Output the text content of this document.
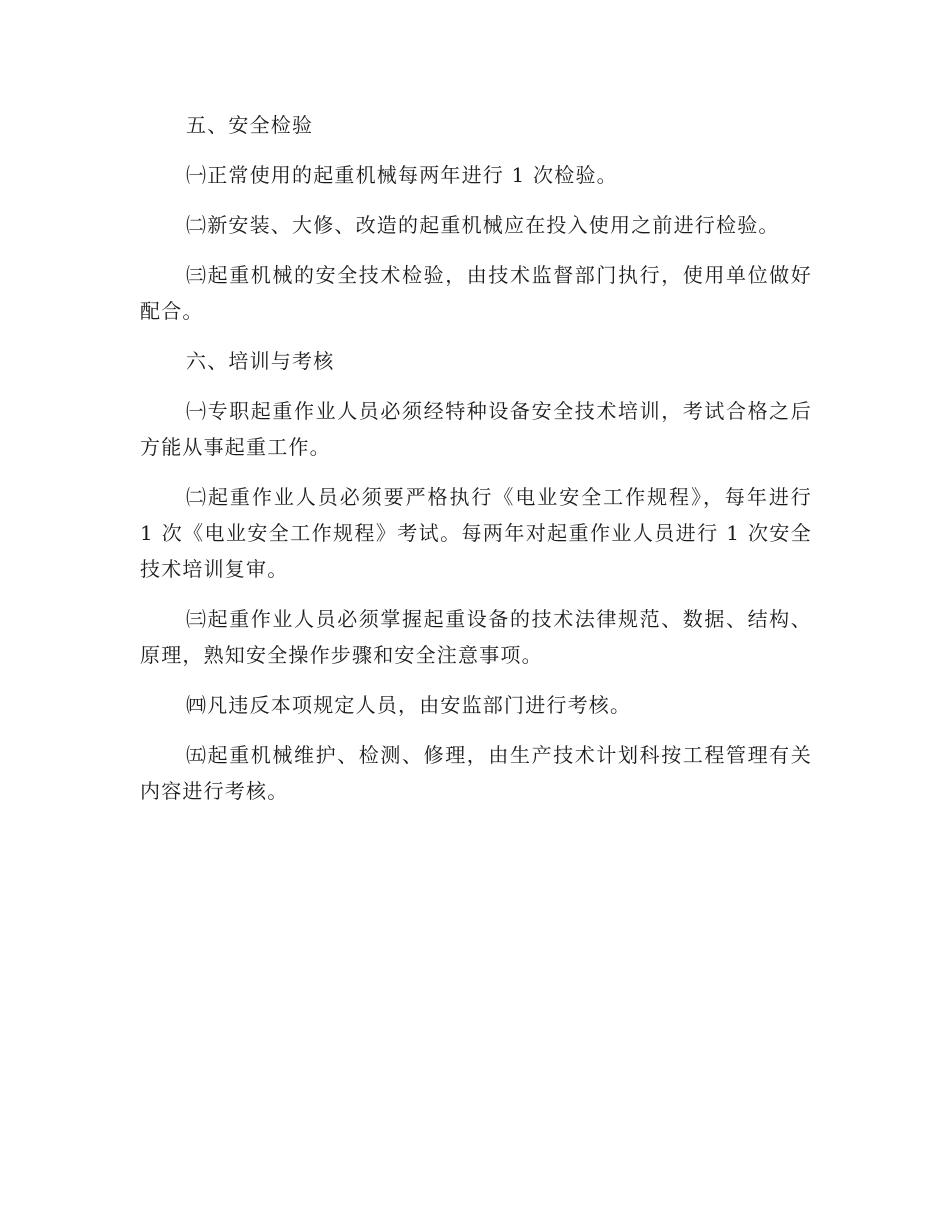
五、安全检验

㈠正常使用的起重机械每两年进行 1 次检验。

㈡新安装、大修、改造的起重机械应在投入使用之前进行检验。

㈢起重机械的安全技术检验，由技术监督部门执行，使用单位做好配合。

六、培训与考核

㈠专职起重作业人员必须经特种设备安全技术培训，考试合格之后方能从事起重工作。

㈡起重作业人员必须要严格执行《电业安全工作规程》，每年进行 1 次《电业安全工作规程》考试。每两年对起重作业人员进行 1 次安全技术培训复审。

㈢起重作业人员必须掌握起重设备的技术法律规范、数据、结构、原理，熟知安全操作步骤和安全注意事项。

㈣凡违反本项规定人员，由安监部门进行考核。

㈤起重机械维护、检测、修理，由生产技术计划科按工程管理有关内容进行考核。
